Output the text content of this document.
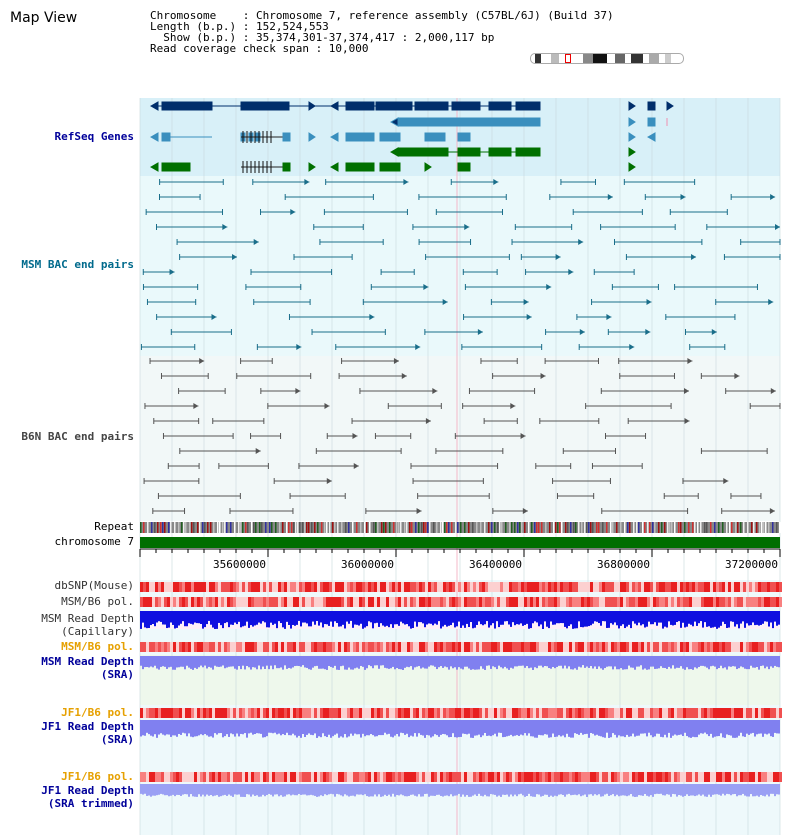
Map View	Chromosome    : Chromosome 7, reference assembly (C57BL/6J) (Build 37)
Length (b.p.) : 152,524,553
Show (b.p.) : 35,374,301-37,374,417 : 2,000,117 bp

Read coverage check span : 10,000
RefSeq Genes
MSM BAC end pairs
B6N BAC end pairs
Repeat
chromosome 7
dbSNP(Mouse)
MSM/B6 pol.
MSM Read Depth
(Capillary)
MSM/B6 pol.
MSM Read Depth
(SRA)
JF1/B6 pol.
JF1 Read Depth
(SRA)
JF1/B6 pol.
JF1 Read Depth
(SRA trimmed)
35600000	36000000	36400000	36800000	37200000
